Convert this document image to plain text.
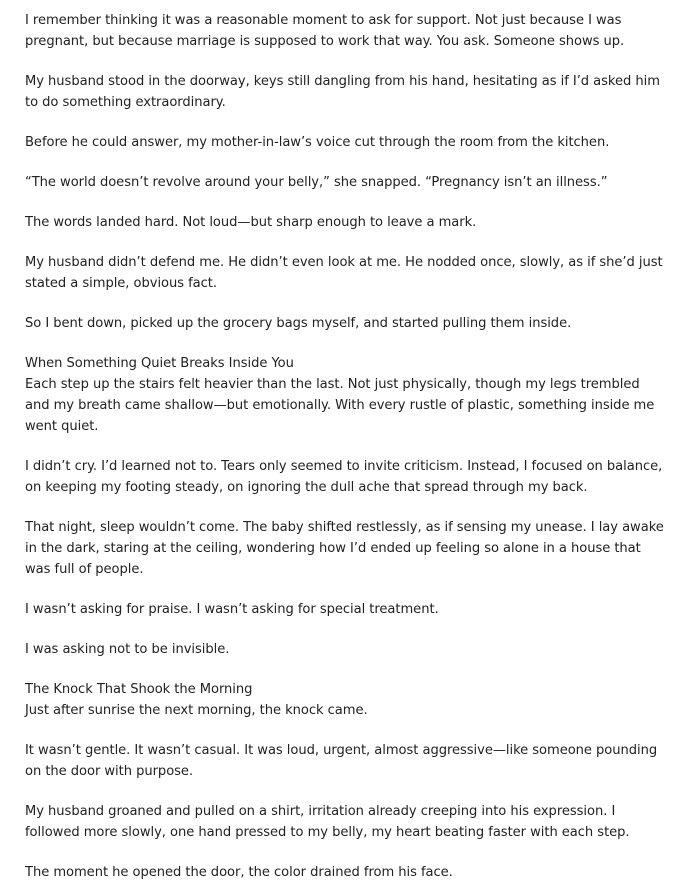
I remember thinking it was a reasonable moment to ask for support. Not just because I was pregnant, but because marriage is supposed to work that way. You ask. Someone shows up.

My husband stood in the doorway, keys still dangling from his hand, hesitating as if I’d asked him to do something extraordinary.

Before he could answer, my mother-in-law’s voice cut through the room from the kitchen.

“The world doesn’t revolve around your belly,” she snapped. “Pregnancy isn’t an illness.”

The words landed hard. Not loud—but sharp enough to leave a mark.

My husband didn’t defend me. He didn’t even look at me. He nodded once, slowly, as if she’d just stated a simple, obvious fact.

So I bent down, picked up the grocery bags myself, and started pulling them inside.

When Something Quiet Breaks Inside You

Each step up the stairs felt heavier than the last. Not just physically, though my legs trembled and my breath came shallow—but emotionally. With every rustle of plastic, something inside me went quiet.

I didn’t cry. I’d learned not to. Tears only seemed to invite criticism. Instead, I focused on balance, on keeping my footing steady, on ignoring the dull ache that spread through my back.

That night, sleep wouldn’t come. The baby shifted restlessly, as if sensing my unease. I lay awake in the dark, staring at the ceiling, wondering how I’d ended up feeling so alone in a house that was full of people.

I wasn’t asking for praise. I wasn’t asking for special treatment.

I was asking not to be invisible.

The Knock That Shook the Morning

Just after sunrise the next morning, the knock came.

It wasn’t gentle. It wasn’t casual. It was loud, urgent, almost aggressive—like someone pounding on the door with purpose.

My husband groaned and pulled on a shirt, irritation already creeping into his expression. I followed more slowly, one hand pressed to my belly, my heart beating faster with each step.

The moment he opened the door, the color drained from his face.
